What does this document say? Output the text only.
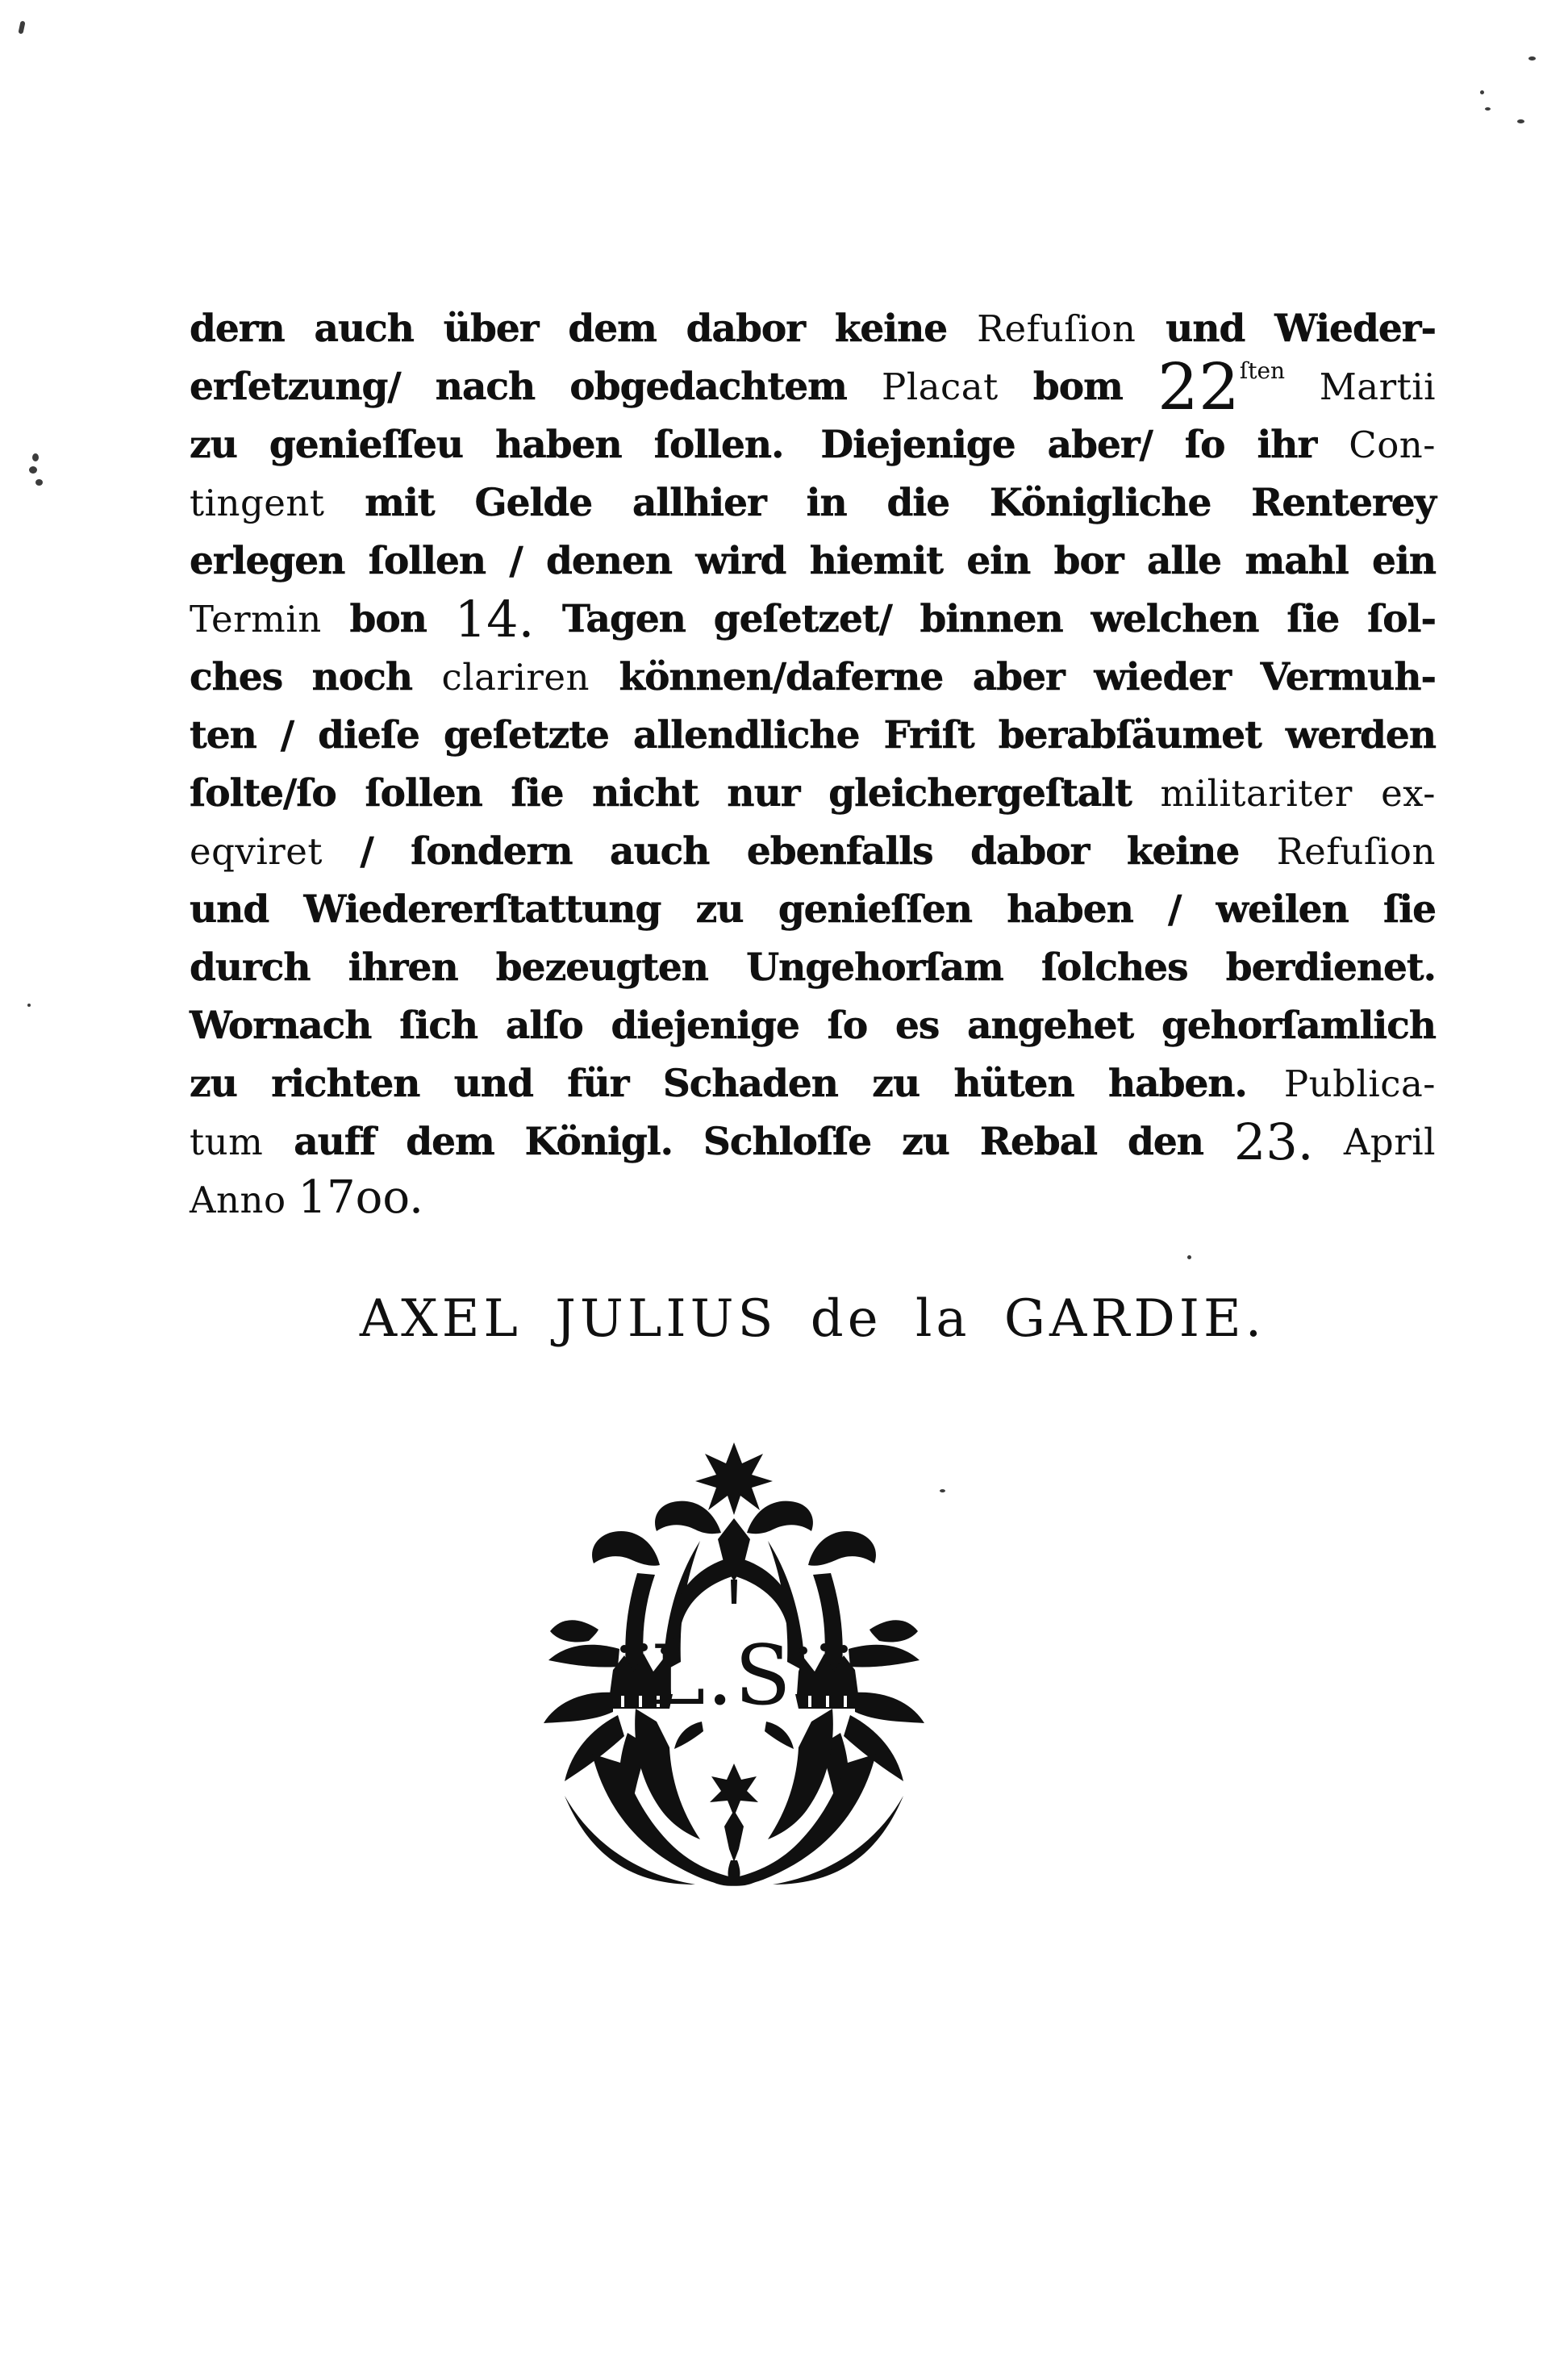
dern auch über dem dabor keine Refuſion und Wieder-
erſetzung/ nach obgedachtem Placat bom 22ſten Martii
zu genieſſeu haben ſollen. Diejenige aber/ ſo ihr Con-
tingent mit Gelde allhier in die Königliche Renterey
erlegen ſollen / denen wird hiemit ein bor alle mahl ein
Termin bon 14. Tagen geſetzet/ binnen welchen ſie ſol-
ches noch clariren können/daferne aber wieder Vermuh-
ten / dieſe geſetzte allendliche Friſt berabſäumet werden
ſolte/ſo ſollen ſie nicht nur gleichergeſtalt militariter ex-
eqviret / ſondern auch ebenfalls dabor keine Refuſion
und Wiedererſtattung zu genieſſen haben / weilen ſie
durch ihren bezeugten Ungehorſam ſolches berdienet.
Wornach ſich alſo diejenige ſo es angehet gehorſamlich
zu richten und für Schaden zu hüten haben. Publica-
tum auff dem Königl. Schloſſe zu Rebal den 23. April
Anno 17oo.
AXEL JULIUS de la GARDIE.
L.S.
